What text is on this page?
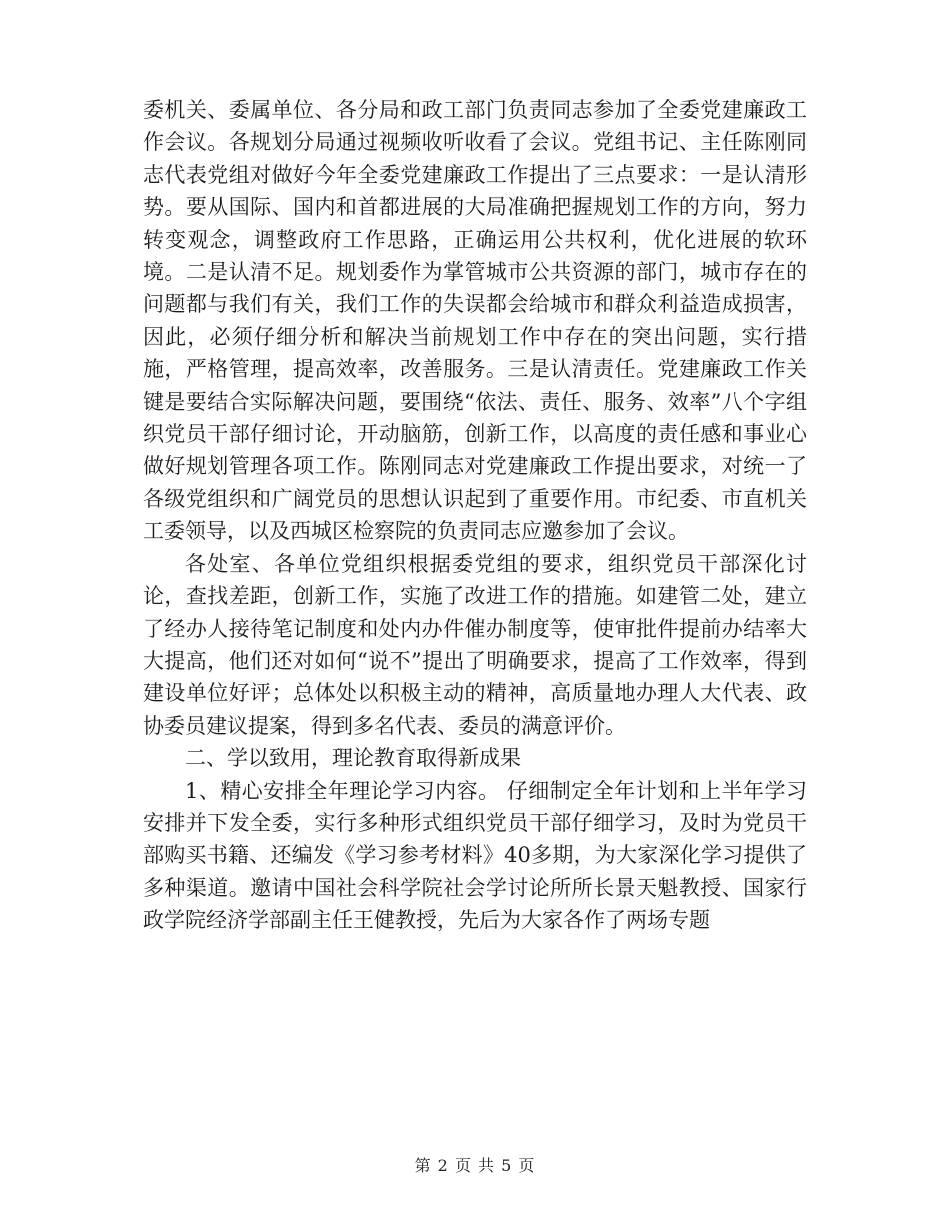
委机关、委属单位、各分局和政工部门负责同志参加了全委党建廉政工作会议。各规划分局通过视频收听收看了会议。党组书记、主任陈刚同志代表党组对做好今年全委党建廉政工作提出了三点要求：一是认清形势。要从国际、国内和首都进展的大局准确把握规划工作的方向，努力转变观念，调整政府工作思路，正确运用公共权利，优化进展的软环境。二是认清不足。规划委作为掌管城市公共资源的部门，城市存在的问题都与我们有关，我们工作的失误都会给城市和群众利益造成损害，因此，必须仔细分析和解决当前规划工作中存在的突出问题，实行措施，严格管理，提高效率，改善服务。三是认清责任。党建廉政工作关键是要结合实际解决问题，要围绕“依法、责任、服务、效率”八个字组织党员干部仔细讨论，开动脑筋，创新工作，以高度的责任感和事业心做好规划管理各项工作。陈刚同志对党建廉政工作提出要求，对统一了各级党组织和广阔党员的思想认识起到了重要作用。市纪委、市直机关工委领导，以及西城区检察院的负责同志应邀参加了会议。

各处室、各单位党组织根据委党组的要求，组织党员干部深化讨论，查找差距，创新工作，实施了改进工作的措施。如建管二处，建立了经办人接待笔记制度和处内办件催办制度等，使审批件提前办结率大大提高，他们还对如何“说不”提出了明确要求，提高了工作效率，得到建设单位好评；总体处以积极主动的精神，高质量地办理人大代表、政协委员建议提案，得到多名代表、委员的满意评价。

二、学以致用，理论教育取得新成果

1、精心安排全年理论学习内容。 仔细制定全年计划和上半年学习安排并下发全委，实行多种形式组织党员干部仔细学习，及时为党员干部购买书籍、还编发《学习参考材料》40多期，为大家深化学习提供了多种渠道。邀请中国社会科学院社会学讨论所所长景天魁教授、国家行政学院经济学部副主任王健教授，先后为大家各作了两场专题

第 2 页 共 5 页
